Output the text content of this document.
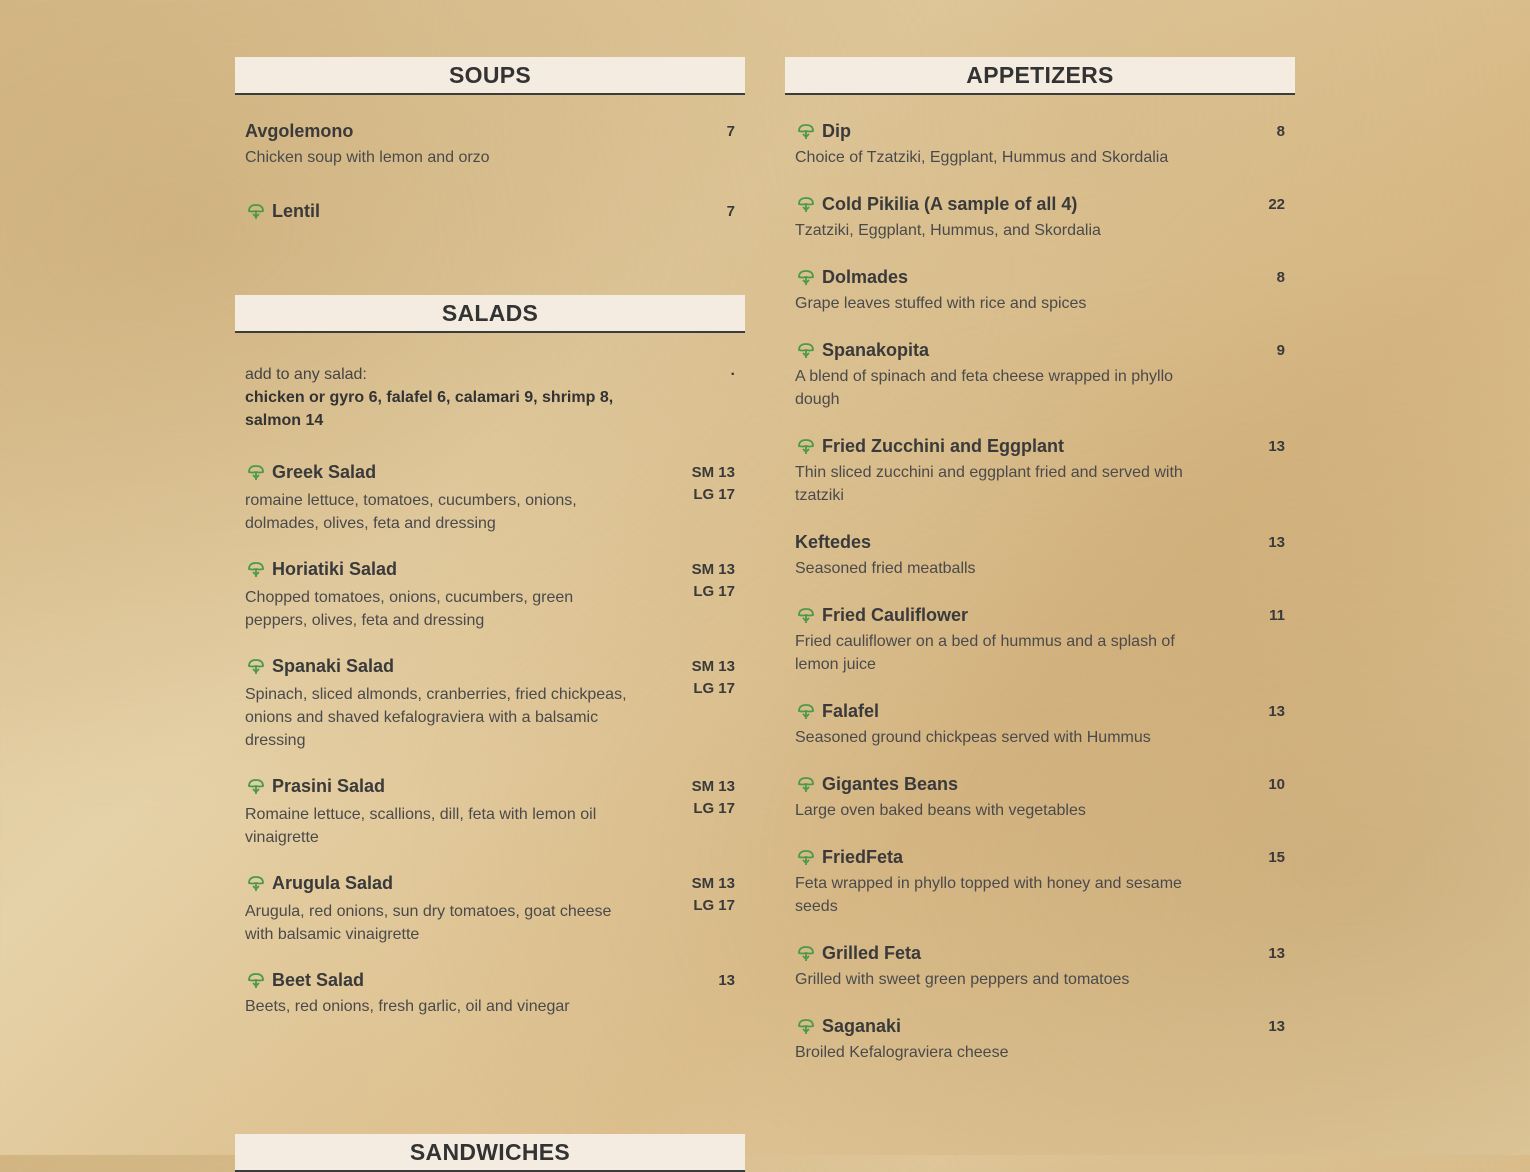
SOUPS
Avgolemono	7
Chicken soup with lemon and orzo
Lentil	7
SALADS
add to any salad:
chicken or gyro 6, falafel 6, calamari 9, shrimp 8, salmon 14
.
Greek Salad	SM 13
LG 17
romaine lettuce, tomatoes, cucumbers, onions, dolmades, olives, feta and dressing
Horiatiki Salad	SM 13
LG 17
Chopped tomatoes, onions, cucumbers, green peppers, olives, feta and dressing
Spanaki Salad	SM 13
LG 17
Spinach, sliced almonds, cranberries, fried chickpeas, onions and shaved kefalograviera with a balsamic dressing
Prasini Salad	SM 13
LG 17
Romaine lettuce, scallions, dill, feta with lemon oil vinaigrette
Arugula Salad	SM 13
LG 17
Arugula, red onions, sun dry tomatoes, goat cheese with balsamic vinaigrette
Beet Salad	13
Beets, red onions, fresh garlic, oil and vinegar
SANDWICHES
APPETIZERS
Dip	8
Choice of Tzatziki, Eggplant, Hummus and Skordalia
Cold Pikilia (A sample of all 4)	22
Tzatziki, Eggplant, Hummus, and Skordalia
Dolmades	8
Grape leaves stuffed with rice and spices
Spanakopita	9
A blend of spinach and feta cheese wrapped in phyllo dough
Fried Zucchini and Eggplant	13
Thin sliced zucchini and eggplant fried and served with tzatziki
Keftedes	13
Seasoned fried meatballs
Fried Cauliflower	11
Fried cauliflower on a bed of hummus and a splash of lemon juice
Falafel	13
Seasoned ground chickpeas served with Hummus
Gigantes Beans	10
Large oven baked beans with vegetables
FriedFeta	15
Feta wrapped in phyllo topped with honey and sesame seeds
Grilled Feta	13
Grilled with sweet green peppers and tomatoes
Saganaki	13
Broiled Kefalograviera cheese
